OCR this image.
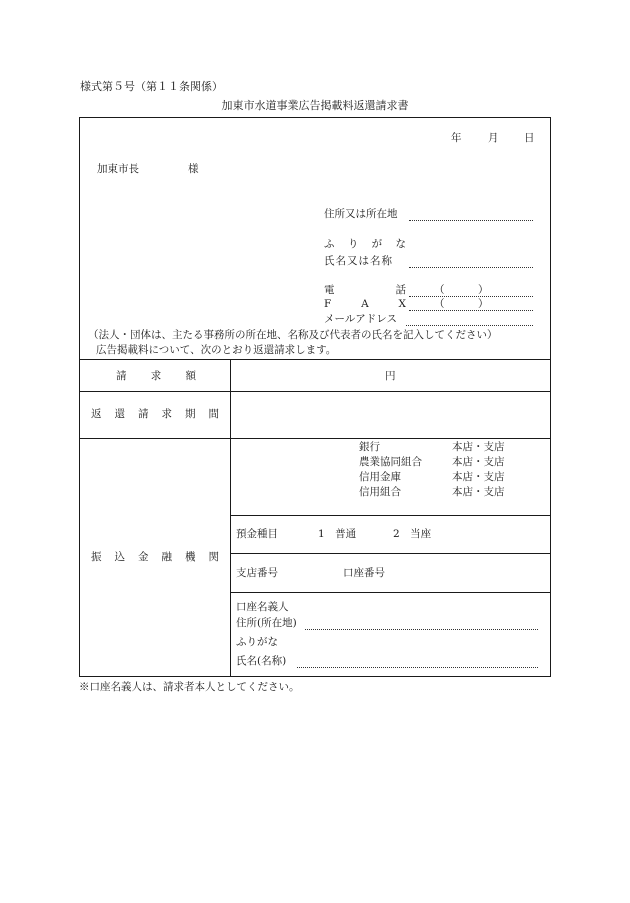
様式第５号（第１１条関係）
加東市水道事業広告掲載料返還請求書
年	月 日
加東市長	様
住所又は所在地
ふ り が な
氏名又は名称
電	話	（	）
F	A	X	（	）
メールアドレス
（法人・団体は、主たる事務所の所在地、名称及び代表者の氏名を記入してください）
広告掲載料について、次のとおり返還請求します。
請 求 額	円
返 還 請 求 期 間
振 込 金 融 機 関
銀行	本店・支店
農業協同組合	本店・支店
信用金庫	本店・支店
信用組合	本店・支店
預金種目	1　普通	2　当座
支店番号	口座番号
口座名義人
住所(所在地)
ふりがな
氏名(名称)
※口座名義人は、請求者本人としてください。
